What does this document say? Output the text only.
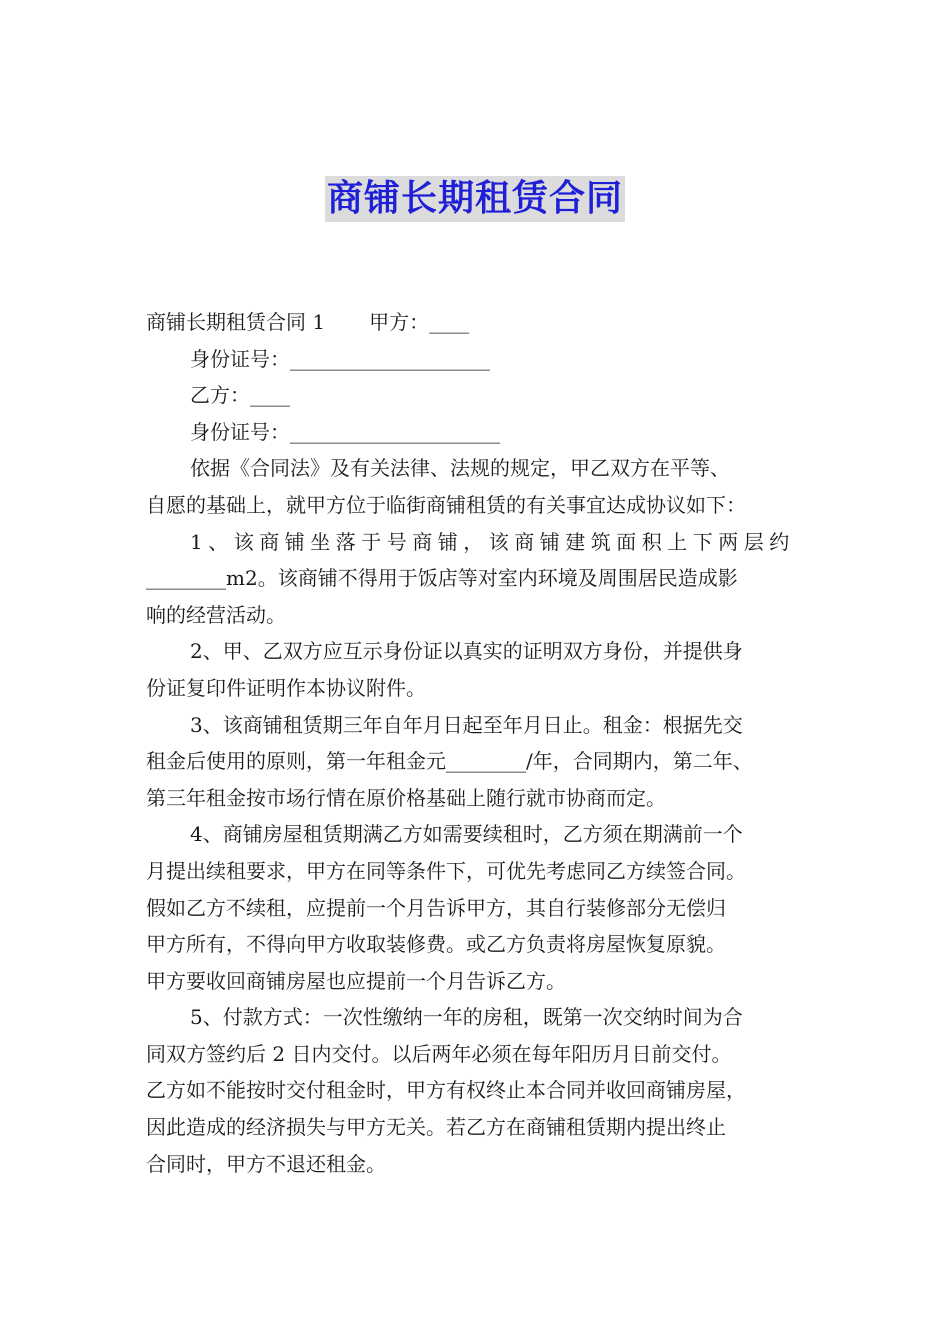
商铺长期租赁合同
商铺长期租赁合同 1 甲方：____
身份证号：____________________
乙方：____
身份证号：_____________________
依据《合同法》及有关法律、法规的规定，甲乙双方在平等、
自愿的基础上，就甲方位于临街商铺租赁的有关事宜达成协议如下：
1、该商铺坐落于号商铺，该商铺建筑面积上下两层约
________m2。该商铺不得用于饭店等对室内环境及周围居民造成影
响的经营活动。
2、甲、乙双方应互示身份证以真实的证明双方身份，并提供身
份证复印件证明作本协议附件。
3、该商铺租赁期三年自年月日起至年月日止。租金：根据先交
租金后使用的原则，第一年租金元________/年，合同期内，第二年、
第三年租金按市场行情在原价格基础上随行就市协商而定。
4、商铺房屋租赁期满乙方如需要续租时，乙方须在期满前一个
月提出续租要求，甲方在同等条件下，可优先考虑同乙方续签合同。
假如乙方不续租，应提前一个月告诉甲方，其自行装修部分无偿归
甲方所有，不得向甲方收取装修费。或乙方负责将房屋恢复原貌。
甲方要收回商铺房屋也应提前一个月告诉乙方。
5、付款方式：一次性缴纳一年的房租，既第一次交纳时间为合
同双方签约后 2 日内交付。以后两年必须在每年阳历月日前交付。
乙方如不能按时交付租金时，甲方有权终止本合同并收回商铺房屋，
因此造成的经济损失与甲方无关。若乙方在商铺租赁期内提出终止
合同时，甲方不退还租金。
